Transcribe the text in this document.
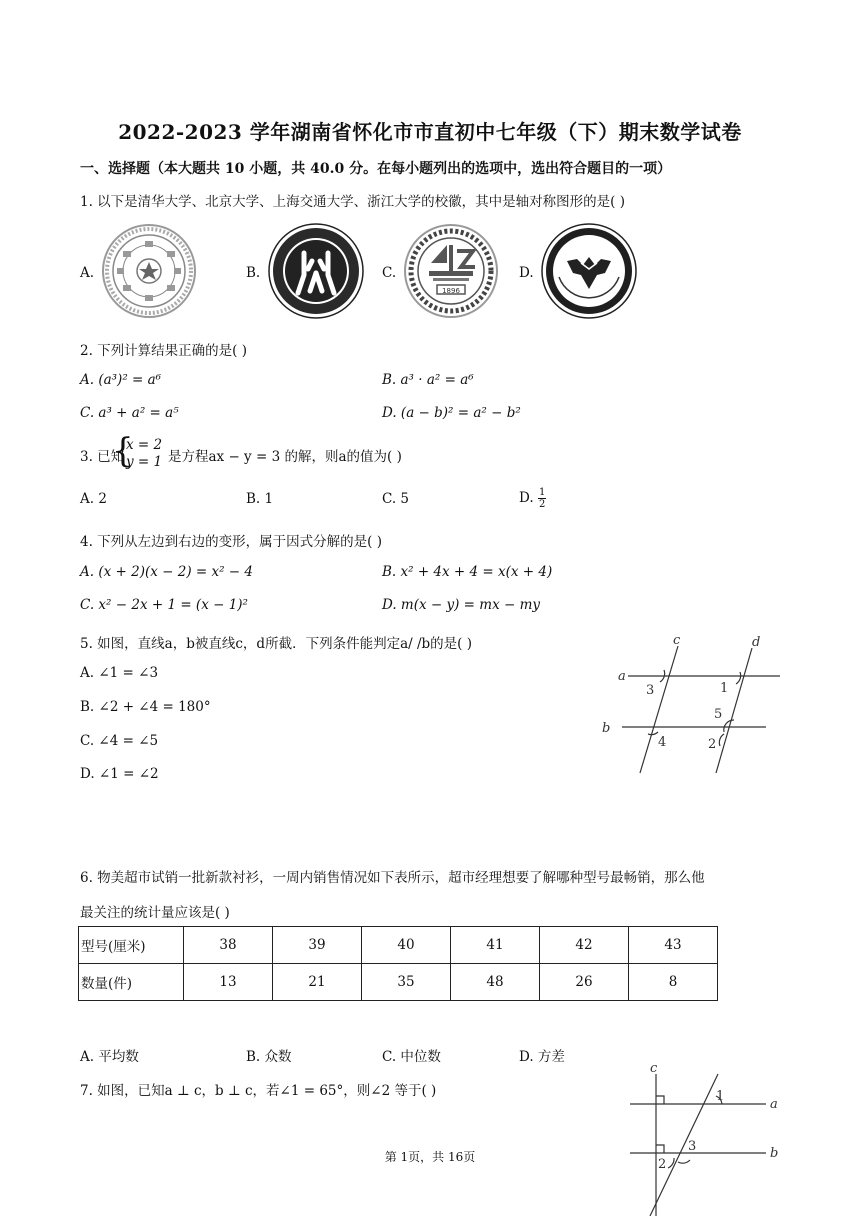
2022-2023 学年湖南省怀化市市直初中七年级（下）期末数学试卷
一、选择题（本大题共 10 小题，共 40.0 分。在每小题列出的选项中，选出符合题目的一项）
1. 以下是清华大学、北京大学、上海交通大学、浙江大学的校徽，其中是轴对称图形的是( )
A.	B.	C.	D.
1896
2. 下列计算结果正确的是( )
A. (a³)² = a⁶	B. a³ · a² = a⁶
C. a³ + a² = a⁵	D. (a − b)² = a² − b²
3. 已知
{
x = 2
y = 1 是方程ax − y = 3 的解，则a的值为( )
A. 2	B. 1	C. 5	D. $\frac{1}{2}$
4. 下列从左边到右边的变形，属于因式分解的是( )
A. (x + 2)(x − 2) = x² − 4	B. x² + 4x + 4 = x(x + 4)
C. x² − 2x + 1 = (x − 1)²	D. m(x − y) = mx − my
5. 如图，直线a，b被直线c，d所截．下列条件能判定a/ /b的是( )
A. ∠1 = ∠3
B. ∠2 + ∠4 = 180°
C. ∠4 = ∠5
D. ∠1 = ∠2
c	d
a
b
3	1
5
4	2
6. 物美超市试销一批新款衬衫，一周内销售情况如下表所示，超市经理想要了解哪种型号最畅销，那么他
最关注的统计量应该是( )
型号(厘米)	38	39	40	41	42	43
数量(件)	13	21	35	48	26	8
A. 平均数	B. 众数	C. 中位数	D. 方差
7. 如图，已知a ⊥ c，b ⊥ c，若∠1 = 65°，则∠2 等于( )
c
a
b
1
3
2
第 1页，共 16页
